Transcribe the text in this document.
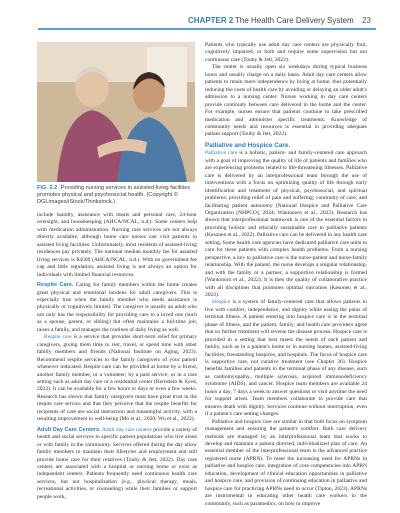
CHAPTER 2 The Health Care Delivery System 23
FIG. 2.2 Providing nursing services in assisted-living facilities promotes physical and psychosocial health. (Copyright © DGLimages/iStock/Thinkstock.)

include laundry, assistance with meals and personal care, 24-hour oversight, and housekeeping (AHCA/NCAL, n.d.). Some centers help with medication administration. Nursing care services are not always directly available, although home care nurses can visit patients in assisted living facilities. Unfortunately, most residents of assisted-living residences pay privately. The national median monthly fee for assisted living services is $4500 (AHCA/NCAL, n.d.). With no government fee cap and little regulation, assisted living is not always an option for individuals with limited financial resources.

Respite Care. Caring for family members within the home creates great physical and emotional burdens for adult caregivers. This is especially true when the family member who needs assistance is physically or cognitively limited. The caregiver is usually an adult who not only has the responsibility for providing care to a loved one (such as a spouse, parent, or sibling) but often maintains a full-time job, raises a family, and manages the routines of daily living as well.

Respite care is a service that provides short-term relief for primary caregivers, giving them time to rest, travel, or spend time with other family members and friends (National Institute on Aging, 2023). Recommend respite services to the family caregivers of your patient whenever indicated. Respite care can be provided at home by a friend, another family member, or a volunteer; by a paid service; or in a care setting such as adult day care or a residential center (Bernstein & Syed, 2023). It can be available for a few hours or days or even a few weeks. Research has shown that family caregivers must have great trust in the respite care service and that they perceive that the respite benefits for recipients of care are social interaction and meaningful activity, with a resulting improvement in well-being (Mo et al., 2020; Wu et al., 2022).

Adult Day Care Centers. Adult day care centers provide a variety of health and social services to specific patient populations who live alone or with family in the community. Services offered during the day allow family members to maintain their lifestyles and employment and still provide home care for their relatives (Touhy & Jett, 2022). Day care centers are associated with a hospital or nursing home or exist as independent centers. Patients frequently need continuous health care services, but not hospitalization (e.g., physical therapy, meals, recreational activities, or counseling) while their families or support people work,

Patients who typically use adult day care centers are physically frail, cognitively impaired, or both and require some supervision but not continuous care (Touhy & Jett, 2022).

The center is usually open six weekdays during typical business hours and usually charge on a daily basis. Adult day care centers allow patients to retain more independence by living at home, thus potentially reducing the costs of health care by avoiding or delaying an older adult's admission to a nursing center. Nurses working in day care centers provide continuity between care delivered in the home and the center. For example, nurses ensure that patients continue to take prescribed medication and administer specific treatments. Knowledge of community needs and resources is essential in providing adequate patient support (Touhy & Jett, 2022).

Palliative and Hospice Care.

Palliative care is a holistic, patient- and family-centered care approach with a goal of improving the quality of life of patients and families who are experiencing problems related to life-threatening illnesses. Palliative care is delivered by an interprofessional team through the use of interventions with a focus on optimizing quality of life through early identification and treatment of physical, psychosocial, and spiritual problems; providing relief of pain and suffering; continuity of care; and facilitating patient autonomy (National Hospice and Palliative Care Organization [NHPCO], 2024; Wantonoro et al., 2022). Research has shown that interprofessional teamwork is one of the essential factors in providing holistic and ethically sustainable care to palliative patients (Kesonen et al., 2022). Palliative care can be delivered in any health care setting. Some health care agencies have dedicated palliative care units to care for these patients with complex health problems. From a nursing perspective, a key to palliative care is the nurse-patient and nurse-family relationship. With the patient, the nurse develops a singular relationship, and with the family or a partner, a supportive relationship is formed (Wantonoro et al., 2022). It is then the quality of collaborative practice with all disciplines that promotes optimal outcomes (Kesonen et al., 2022).

Hospice is a system of family-centered care that allows patients to live with comfort, independence, and dignity while easing the pains of terminal illness. A patient entering into hospice care is in the terminal phase of illness, and the patient, family, and health care providers agree that no further treatment will reverse the disease process. Hospice care is provided in a setting that best meets the needs of each patient and family, such as in a patient's home or in nursing homes, assisted-living facilities, freestanding hospices, and hospitals. The focus of hospice care is supportive care, not curative treatment (see Chapter 36). Hospice benefits families and patients in the terminal phase of any disease, such as cardiomyopathy, multiple sclerosis, acquired immunodeficiency syndrome (AIDS), and cancer. Hospice team members are available 24 hours a day, 7 days a week to answer questions or visit anytime the need for support arises. Team members collaborate to provide care that ensures death with dignity. Services continue without interruption, even if a patient's care setting changes.

Palliative and hospice care are similar in that both focus on symptom management and ensuring the patient's comfort. Both care delivery methods are managed by an interprofessional team that works to develop and maintain a patient directed, individualized plan of care. An essential member of the interprofessional team is the advanced practice registered nurse (APRN). To meet the increasing need for APRNs in palliative and hospice care, integration of core competencies into APRN education, development of clinical education opportunities in palliative and hospice care, and provision of continuing education in palliative and hospice care for practicing APRNs need to occur (Tipton, 2023). APRNs are instrumental in educating other health care workers in the community, such as paramedics, on how to improve
